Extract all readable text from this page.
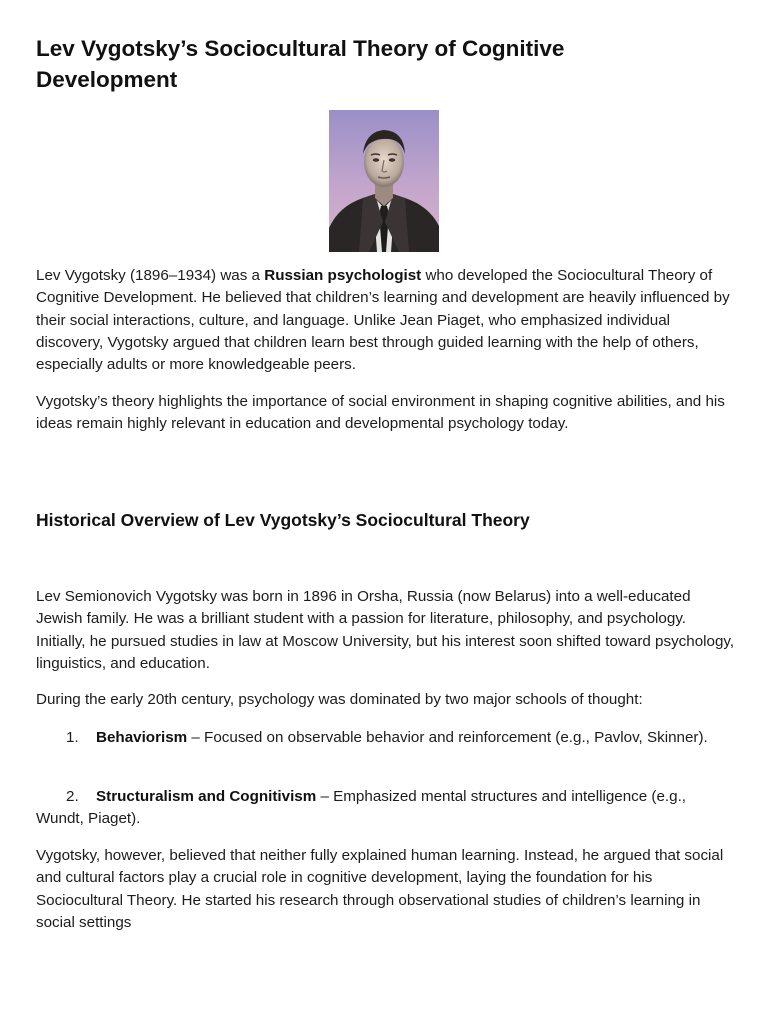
Lev Vygotsky’s Sociocultural Theory of Cognitive Development

Lev Vygotsky (1896–1934) was a Russian psychologist who developed the Sociocultural Theory of Cognitive Development. He believed that children’s learning and development are heavily influenced by their social interactions, culture, and language. Unlike Jean Piaget, who emphasized individual discovery, Vygotsky argued that children learn best through guided learning with the help of others, especially adults or more knowledgeable peers.

Vygotsky’s theory highlights the importance of social environment in shaping cognitive abilities, and his ideas remain highly relevant in education and developmental psychology today.

Historical Overview of Lev Vygotsky’s Sociocultural Theory

Lev Semionovich Vygotsky was born in 1896 in Orsha, Russia (now Belarus) into a well-educated Jewish family. He was a brilliant student with a passion for literature, philosophy, and psychology. Initially, he pursued studies in law at Moscow University, but his interest soon shifted toward psychology, linguistics, and education.

During the early 20th century, psychology was dominated by two major schools of thought:

1. Behaviorism – Focused on observable behavior and reinforcement (e.g., Pavlov, Skinner).

2. Structuralism and Cognitivism – Emphasized mental structures and intelligence (e.g., Wundt, Piaget).

Vygotsky, however, believed that neither fully explained human learning. Instead, he argued that social and cultural factors play a crucial role in cognitive development, laying the foundation for his Sociocultural Theory. He started his research through observational studies of children’s learning in social settings
